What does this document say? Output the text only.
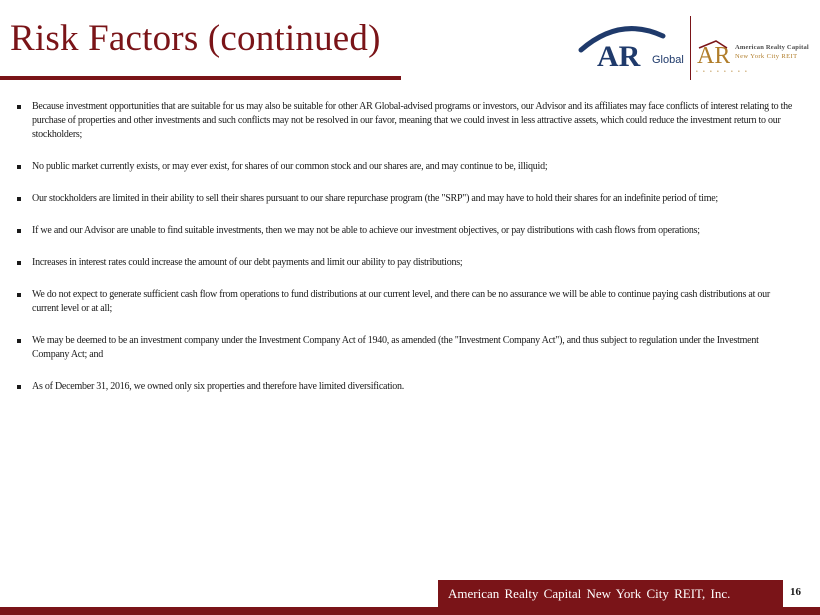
Risk Factors (continued)	AR Global AR American Realty Capital
New York City REIT
• • • • • • • •
Because investment opportunities that are suitable for us may also be suitable for other AR Global-advised programs or investors, our Advisor and its affiliates may face conflicts of interest relating to the purchase of properties and other investments and such conflicts may not be resolved in our favor, meaning that we could invest in less attractive assets, which could reduce the investment return to our stockholders;
No public market currently exists, or may ever exist, for shares of our common stock and our shares are, and may continue to be, illiquid;
Our stockholders are limited in their ability to sell their shares pursuant to our share repurchase program (the "SRP") and may have to hold their shares for an indefinite period of time;
If we and our Advisor are unable to find suitable investments, then we may not be able to achieve our investment objectives, or pay distributions with cash flows from operations;
Increases in interest rates could increase the amount of our debt payments and limit our ability to pay distributions;
We do not expect to generate sufficient cash flow from operations to fund distributions at our current level, and there can be no assurance we will be able to continue paying cash distributions at our current level or at all;
We may be deemed to be an investment company under the Investment Company Act of 1940, as amended (the "Investment Company Act"), and thus subject to regulation under the Investment Company Act; and
As of December 31, 2016, we owned only six properties and therefore have limited diversification.
American Realty Capital New York City REIT, Inc.	16
